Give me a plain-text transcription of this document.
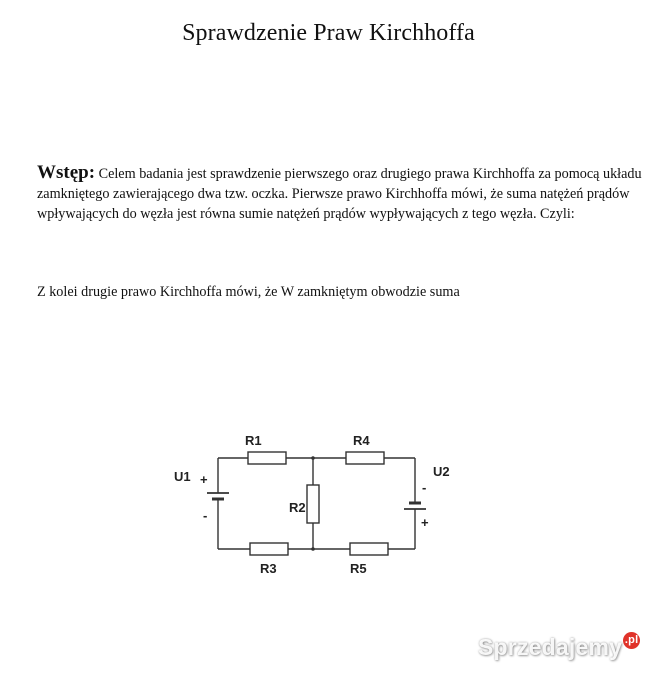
Sprawdzenie Praw Kirchhoffa

Wstęp: Celem badania jest sprawdzenie pierwszego oraz drugiego prawa Kirchhoffa za pomocą układu zamkniętego zawierającego dwa tzw. oczka. Pierwsze prawo Kirchhoffa mówi, że suma natężeń prądów wpływających do węzła jest równa sumie natężeń prądów wypływających z tego węzła. Czyli:

Z kolei drugie prawo Kirchhoffa mówi, że W zamkniętym obwodzie suma

R1	R4
R2
R3	R5
U1	U2
+
-
-
+
Sprzedajemy .pl
